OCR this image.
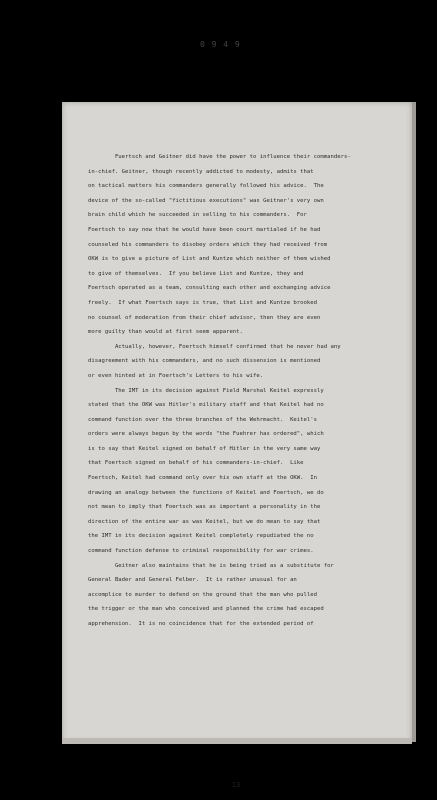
0 9 4 9
Fuertsch and Geitner did have the power to influence their commanders-
in-chief. Geitner, though recently addicted to modesty, admits that
on tactical matters his commanders generally followed his advice.  The
device of the so-called "fictitious executions" was Geitner's very own
brain child which he succeeded in selling to his commanders.  For
Foertsch to say now that he would have been court martialed if he had
counseled his commanders to disobey orders which they had received from
OKW is to give a picture of List and Kuntze which neither of them wished
to give of themselves.  If you believe List and Kuntze, they and
Foertsch operated as a team, consulting each other and exchanging advice
freely.  If what Foertsch says is true, that List and Kuntze brooked
no counsel of moderation from their chief advisor, then they are even
more guilty than would at first seem apparent.
Actually, however, Foertsch himself confirmed that he never had any
disagreement with his commanders, and no such dissension is mentioned
or even hinted at in Foertsch's Letters to his wife.
The IMT in its decision against Field Marshal Keitel expressly
stated that the OKW was Hitler's military staff and that Keitel had no
command function over the three branches of the Wehrmacht.  Keitel's
orders were always begun by the words "the Fuehrer has ordered", which
is to say that Keitel signed on behalf of Hitler in the very same way
that Foertsch signed on behalf of his commanders-in-chief.  Like
Foertsch, Keitel had command only over his own staff at the OKW.  In
drawing an analogy between the functions of Keitel and Foertsch, we do
not mean to imply that Foertsch was as important a personality in the
direction of the entire war as was Keitel, but we do mean to say that
the IMT in its decision against Keitel completely repudiated the no
command function defense to criminal responsibility for war crimes.
Geitner also maintains that he is being tried as a substitute for
General Bader and General Felber.  It is rather unusual for an
accomplice to murder to defend on the ground that the man who pulled
the trigger or the man who conceived and planned the crime had escaped
apprehension.  It is no coincidence that for the extended period of
13
